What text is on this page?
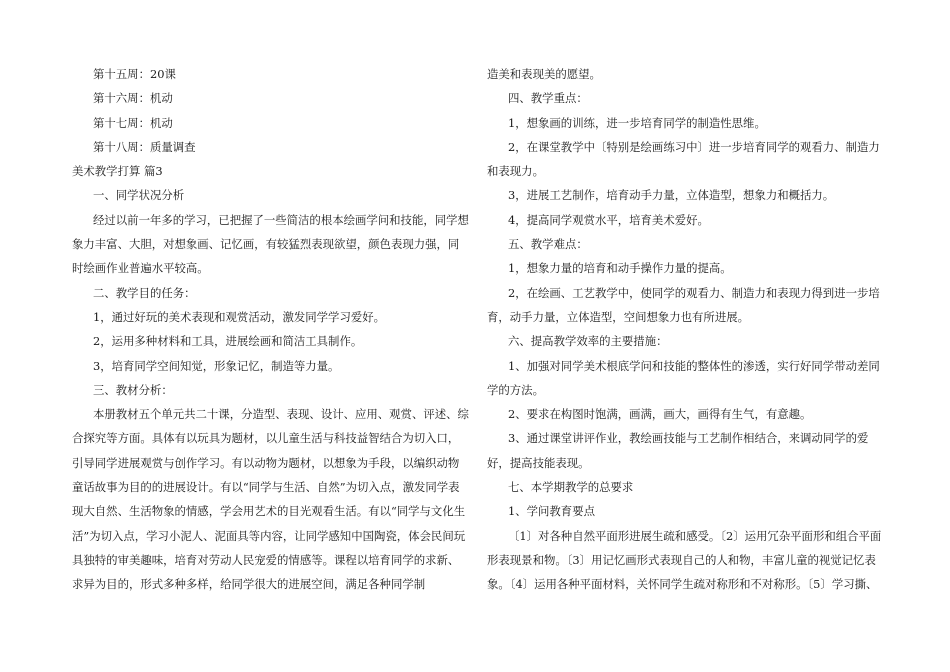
第十五周：20课

第十六周：机动

第十七周：机动

第十八周：质量调查

美术教学打算 篇3

一、同学状况分析

经过以前一年多的学习，已把握了一些简洁的根本绘画学问和技能，同学想象力丰富、大胆，对想象画、记忆画，有较猛烈表现欲望，颜色表现力强，同时绘画作业普遍水平较高。

二、教学目的任务：

1，通过好玩的美术表现和观赏活动，激发同学学习爱好。

2，运用多种材料和工具，进展绘画和简洁工具制作。

3，培育同学空间知觉，形象记忆，制造等力量。

三、教材分析：

本册教材五个单元共二十课，分造型、表现、设计、应用、观赏、评述、综合探究等方面。具体有以玩具为题材，以儿童生活与科技益智结合为切入口，引导同学进展观赏与创作学习。有以动物为题材，以想象为手段，以编织动物童话故事为目的的进展设计。有以“同学与生活、自然”为切入点，激发同学表现大自然、生活物象的情感，学会用艺术的目光观看生活。有以“同学与文化生活”为切入点，学习小泥人、泥面具等内容，让同学感知中国陶瓷，体会民间玩具独特的审美趣味，培育对劳动人民宠爱的情感等。课程以培育同学的求新、求异为目的，形式多种多样，给同学很大的进展空间，满足各种同学制

造美和表现美的愿望。

四、教学重点：

1，想象画的训练，进一步培育同学的制造性思维。

2，在课堂教学中〔特别是绘画练习中〕进一步培育同学的观看力、制造力和表现力。

3，进展工艺制作，培育动手力量，立体造型，想象力和概括力。

4，提高同学观赏水平，培育美术爱好。

五、教学难点：

1，想象力量的培育和动手操作力量的提高。

2，在绘画、工艺教学中，使同学的观看力、制造力和表现力得到进一步培育，动手力量，立体造型，空间想象力也有所进展。

六、提高教学效率的主要措施：

1、加强对同学美术根底学问和技能的整体性的渗透，实行好同学带动差同学的方法。

2、要求在构图时饱满，画满，画大，画得有生气，有意趣。

3、通过课堂讲评作业，教绘画技能与工艺制作相结合，来调动同学的爱好，提高技能表现。

七、本学期教学的总要求

1、学问教育要点

〔1〕对各种自然平面形进展生疏和感受。〔2〕运用冗杂平面形和组合平面形表现景和物。〔3〕用记忆画形式表现自己的人和物，丰富儿童的视觉记忆表象。〔4〕运用各种平面材料，关怀同学生疏对称形和不对称形。〔5〕学习撕、
